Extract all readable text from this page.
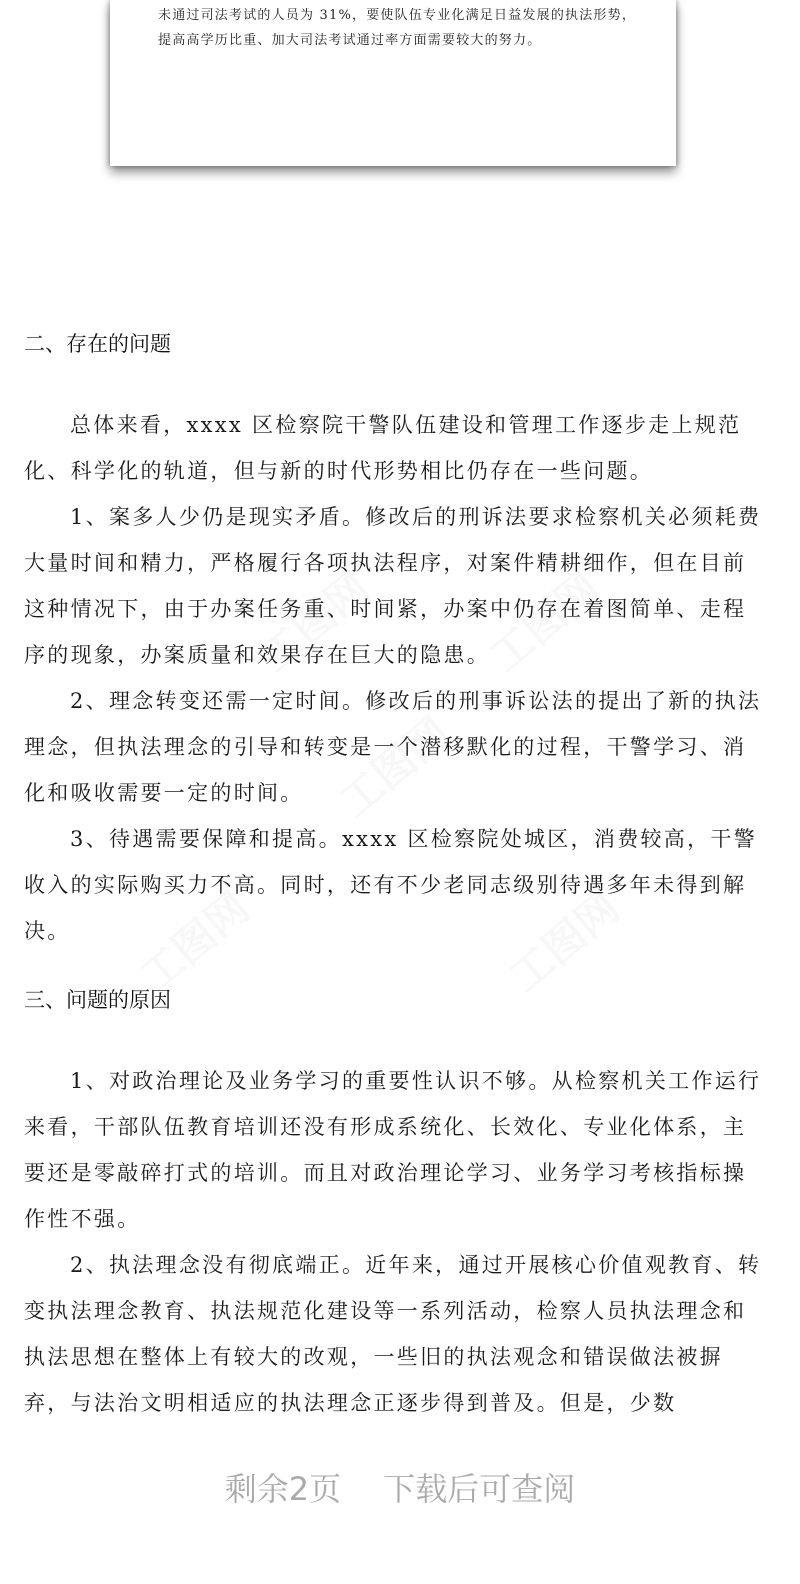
未通过司法考试的人员为 31%，要使队伍专业化满足日益发展的执法形势，提高高学历比重、加大司法考试通过率方面需要较大的努力。

工图网 工图网
工图网
工图网	工图网
二、存在的问题

总体来看，xxxx 区检察院干警队伍建设和管理工作逐步走上规范化、科学化的轨道，但与新的时代形势相比仍存在一些问题。

1、案多人少仍是现实矛盾。修改后的刑诉法要求检察机关必须耗费大量时间和精力，严格履行各项执法程序，对案件精耕细作，但在目前这种情况下，由于办案任务重、时间紧，办案中仍存在着图简单、走程序的现象，办案质量和效果存在巨大的隐患。

2、理念转变还需一定时间。修改后的刑事诉讼法的提出了新的执法理念，但执法理念的引导和转变是一个潜移默化的过程，干警学习、消化和吸收需要一定的时间。

3、待遇需要保障和提高。xxxx 区检察院处城区，消费较高，干警收入的实际购买力不高。同时，还有不少老同志级别待遇多年未得到解决。

三、问题的原因

1、对政治理论及业务学习的重要性认识不够。从检察机关工作运行来看，干部队伍教育培训还没有形成系统化、长效化、专业化体系，主要还是零敲碎打式的培训。而且对政治理论学习、业务学习考核指标操作性不强。

2、执法理念没有彻底端正。近年来，通过开展核心价值观教育、转变执法理念教育、执法规范化建设等一系列活动，检察人员执法理念和执法思想在整体上有较大的改观，一些旧的执法观念和错误做法被摒弃，与法治文明相适应的执法理念正逐步得到普及。但是，少数

剩余2页 下载后可查阅
